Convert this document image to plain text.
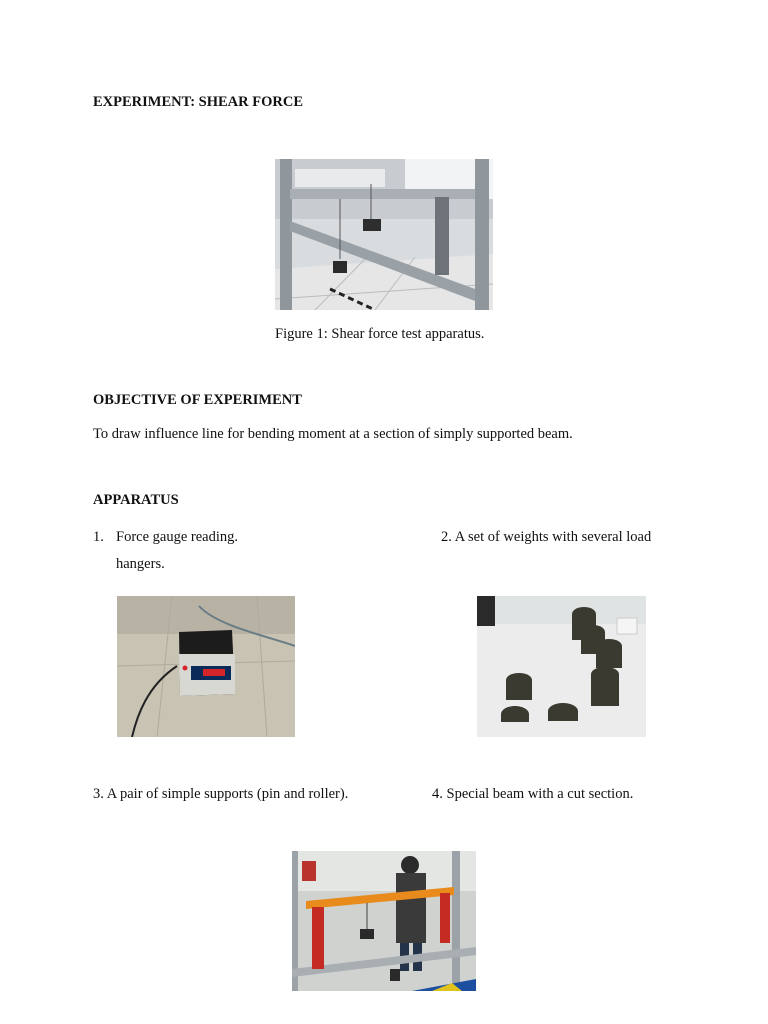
EXPERIMENT: SHEAR FORCE
Figure 1: Shear force test apparatus.
OBJECTIVE OF EXPERIMENT
To draw influence line for bending moment at a section of simply supported beam.
APPARATUS
1. Force gauge reading.	2. A set of weights with several load
hangers.
3. A pair of simple supports (pin and roller).	4. Special beam with a cut section.
